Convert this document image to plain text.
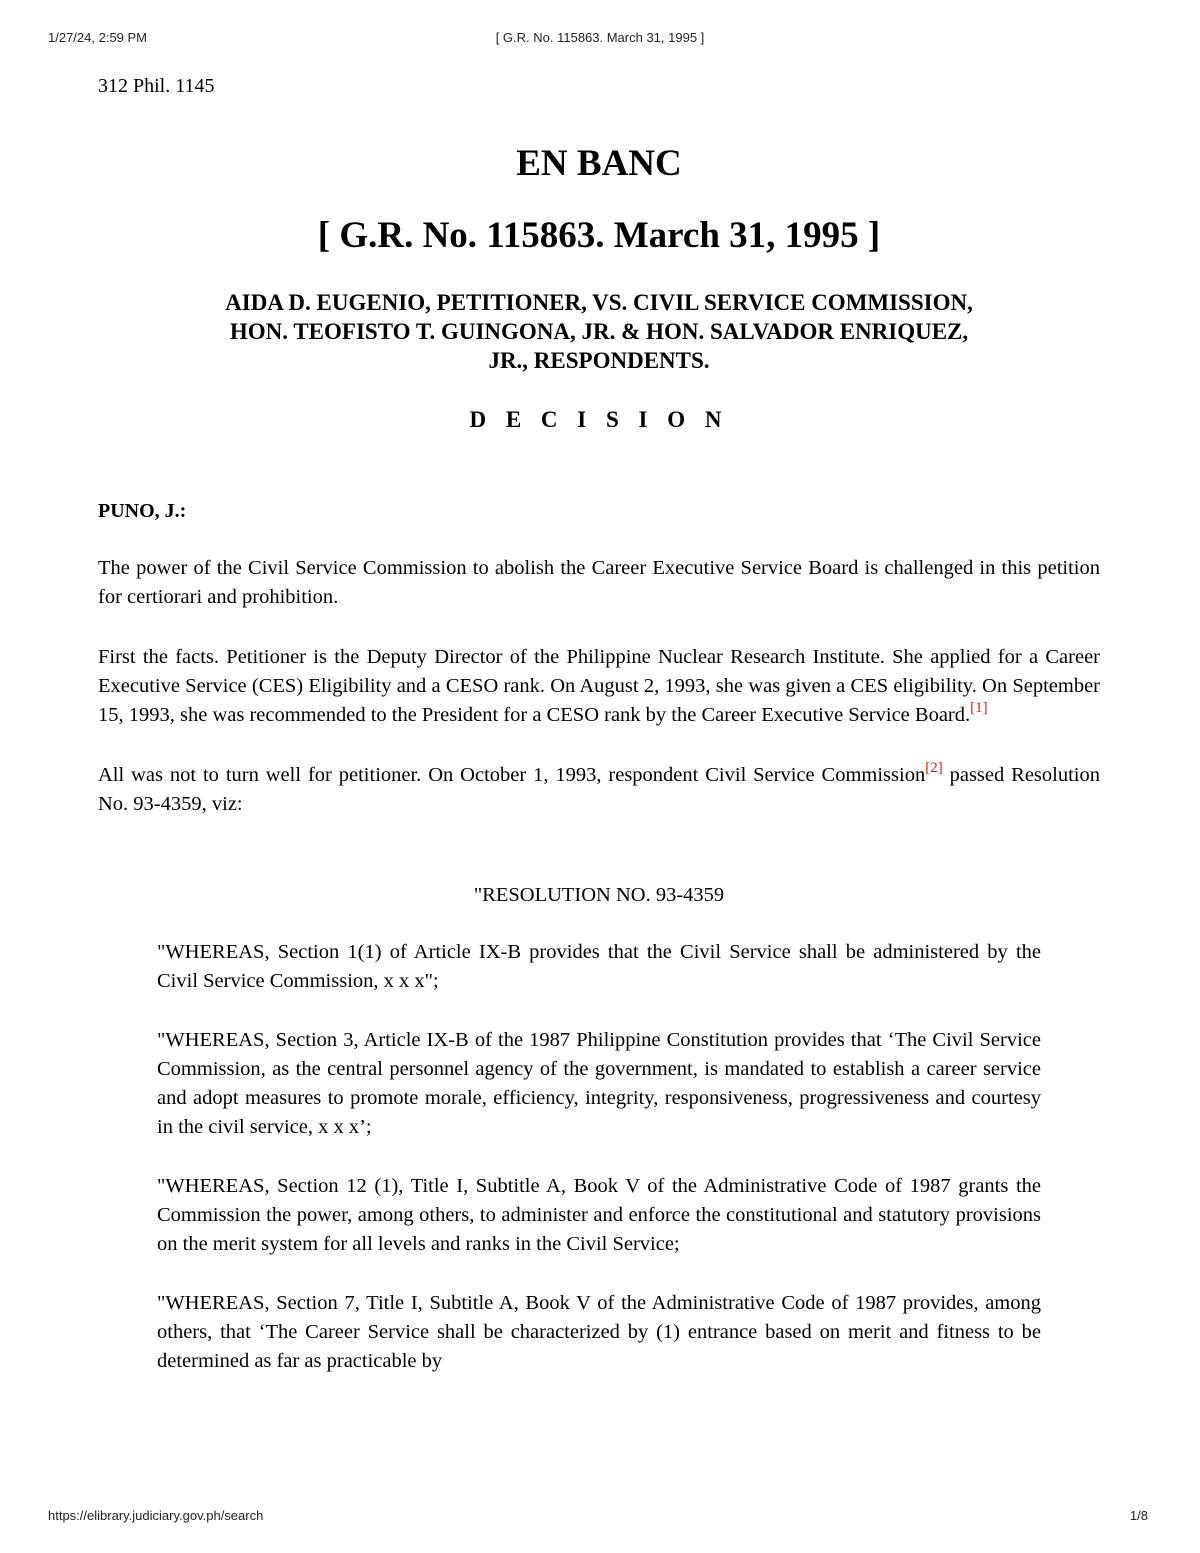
1/27/24, 2:59 PM	[ G.R. No. 115863. March 31, 1995 ]

312 Phil. 1145

EN BANC
[ G.R. No. 115863. March 31, 1995 ]
AIDA D. EUGENIO, PETITIONER, VS. CIVIL SERVICE COMMISSION,
HON. TEOFISTO T. GUINGONA, JR. & HON. SALVADOR ENRIQUEZ,
JR., RESPONDENTS.
D E C I S I O N
PUNO, J.:

The power of the Civil Service Commission to abolish the Career Executive Service Board is challenged in this petition for certiorari and prohibition.

First the facts. Petitioner is the Deputy Director of the Philippine Nuclear Research Institute. She applied for a Career Executive Service (CES) Eligibility and a CESO rank. On August 2, 1993, she was given a CES eligibility. On September 15, 1993, she was recommended to the President for a CESO rank by the Career Executive Service Board.[1]

All was not to turn well for petitioner. On October 1, 1993, respondent Civil Service Commission[2] passed Resolution No. 93-4359, viz:

"RESOLUTION NO. 93-4359

"WHEREAS, Section 1(1) of Article IX-B provides that the Civil Service shall be administered by the Civil Service Commission, x x x";

"WHEREAS, Section 3, Article IX-B of the 1987 Philippine Constitution provides that ‘The Civil Service Commission, as the central personnel agency of the government, is mandated to establish a career service and adopt measures to promote morale, efficiency, integrity, responsiveness, progressiveness and courtesy in the civil service, x x x’;

"WHEREAS, Section 12 (1), Title I, Subtitle A, Book V of the Administrative Code of 1987 grants the Commission the power, among others, to administer and enforce the constitutional and statutory provisions on the merit system for all levels and ranks in the Civil Service;

"WHEREAS, Section 7, Title I, Subtitle A, Book V of the Administrative Code of 1987 provides, among others, that ‘The Career Service shall be characterized by (1) entrance based on merit and fitness to be determined as far as practicable by

https://elibrary.judiciary.gov.ph/search	1/8
